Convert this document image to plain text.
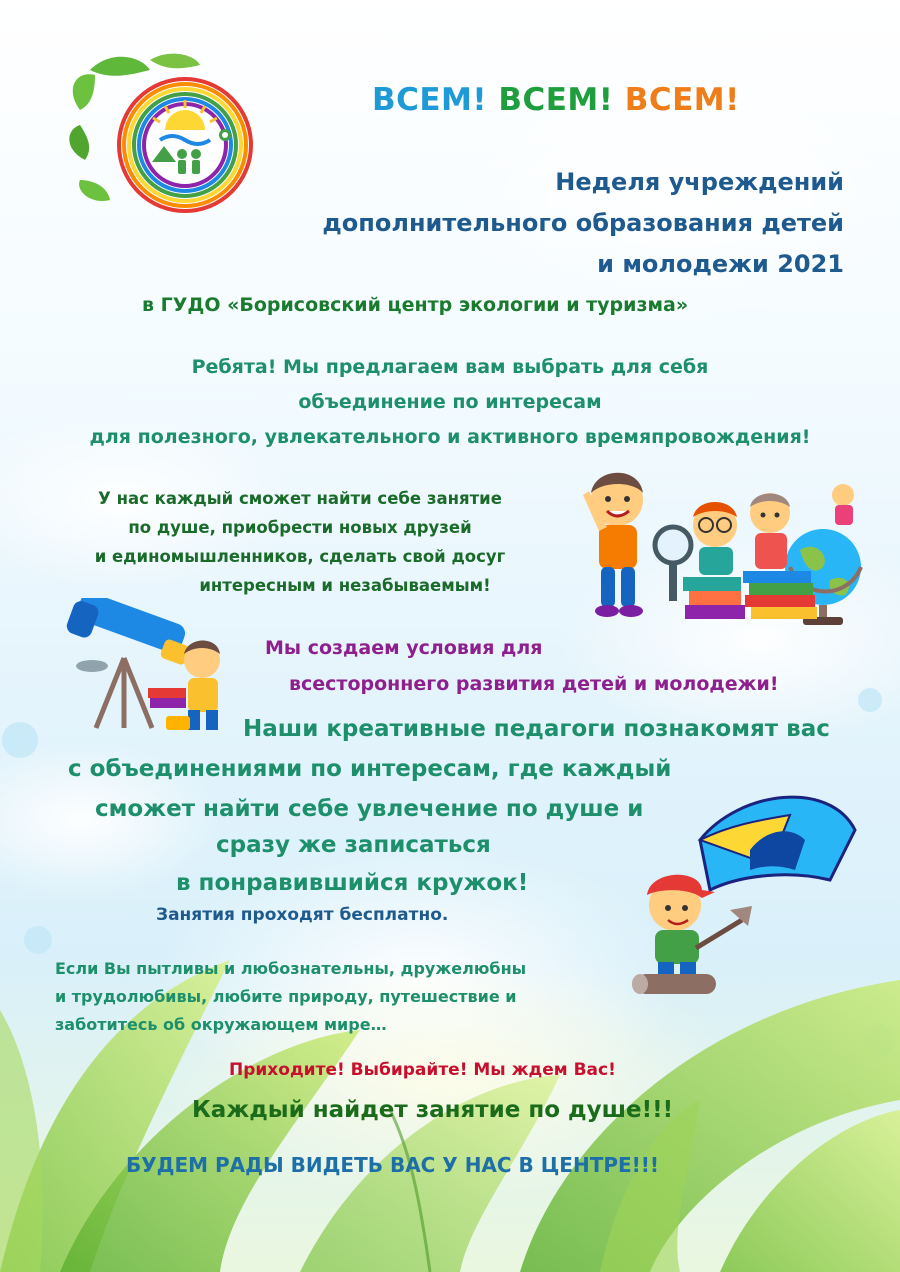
ВСЕМ! ВСЕМ! ВСЕМ!
Неделя учреждений
дополнительного образования детей
и молодежи 2021
в ГУДО «Борисовский центр экологии и туризма»
Ребята! Мы предлагаем вам выбрать для себя
объединение по интересам
для полезного, увлекательного и активного времяпровождения!
У нас каждый сможет найти себе занятие
по душе, приобрести новых друзей
и единомышленников, сделать свой досуг
интересным и незабываемым!
Мы создаем условия для
всестороннего развития детей и молодежи!
Наши креативные педагоги познакомят вас
с объединениями по интересам, где каждый
сможет найти себе увлечение по душе и
сразу же записаться
в понравившийся кружок!
Занятия проходят бесплатно.
Если Вы пытливы и любознательны, дружелюбны
и трудолюбивы, любите природу, путешествие и
заботитесь об окружающем мире…
Приходите! Выбирайте! Мы ждем Вас!
Каждый найдет занятие по душе!!!
БУДЕМ РАДЫ ВИДЕТЬ ВАС У НАС В ЦЕНТРЕ!!!
